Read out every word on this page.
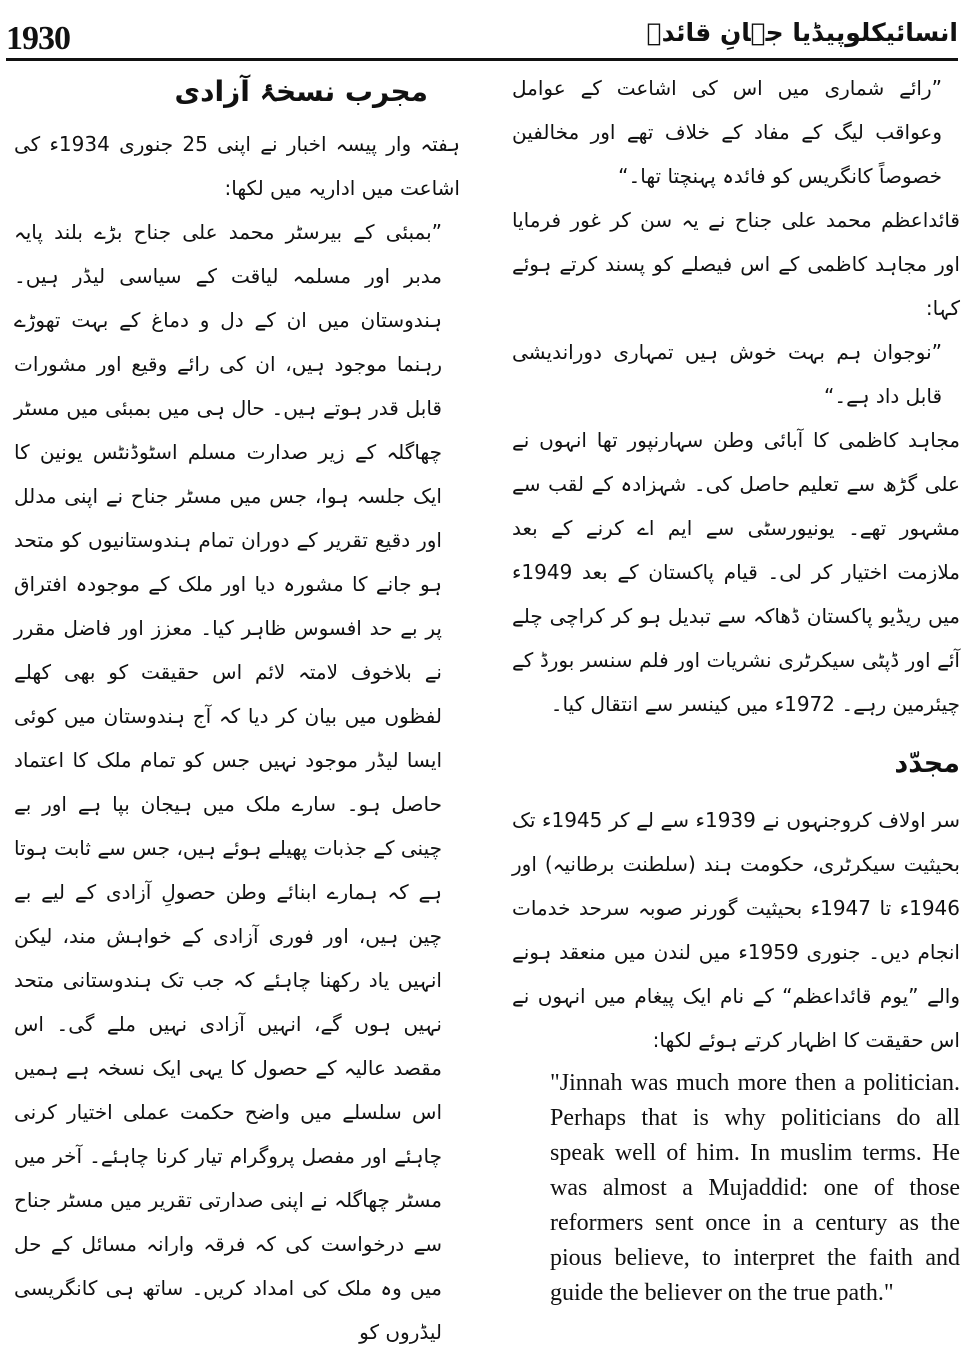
1930	انسائیکلوپیڈیا جہانِ قائدؒ
مجرب نسخۂ آزادی

ہفتہ وار پیسہ اخبار نے اپنی 25 جنوری 1934ء کی اشاعت میں اداریہ میں لکھا:

”بمبئی کے بیرسٹر محمد علی جناح بڑے بلند پایہ مدبر اور مسلمہ لیاقت کے سیاسی لیڈر ہیں۔ ہندوستان میں ان کے دل و دماغ کے بہت تھوڑے رہنما موجود ہیں، ان کی رائے وقیع اور مشورات قابل قدر ہوتے ہیں۔ حال ہی میں بمبئی میں مسٹر چھاگلہ کے زیر صدارت مسلم اسٹوڈنٹس یونین کا ایک جلسہ ہوا، جس میں مسٹر جناح نے اپنی مدلل اور دقیع تقریر کے دوران تمام ہندوستانیوں کو متحد ہو جانے کا مشورہ دیا اور ملک کے موجودہ افتراق پر بے حد افسوس ظاہر کیا۔ معزز اور فاضل مقرر نے بلاخوف لامتہ لائم اس حقیقت کو بھی کھلے لفظوں میں بیان کر دیا کہ آج ہندوستان میں کوئی ایسا لیڈر موجود نہیں جس کو تمام ملک کا اعتماد حاصل ہو۔ سارے ملک میں ہیجان بپا ہے اور بے چینی کے جذبات پھیلے ہوئے ہیں، جس سے ثابت ہوتا ہے کہ ہمارے ابنائے وطن حصولِ آزادی کے لیے بے چین ہیں، اور فوری آزادی کے خواہش مند، لیکن انہیں یاد رکھنا چاہئے کہ جب تک ہندوستانی متحد نہیں ہوں گے، انہیں آزادی نہیں ملے گی۔ اس مقصد عالیہ کے حصول کا یہی ایک نسخہ ہے ہمیں اس سلسلے میں واضح حکمت عملی اختیار کرنی چاہئے اور مفصل پروگرام تیار کرنا چاہئے۔ آخر میں مسٹر چھاگلہ نے اپنی صدارتی تقریر میں مسٹر جناح سے درخواست کی کہ فرقہ وارانہ مسائل کے حل میں وہ ملک کی امداد کریں۔ ساتھ ہی کانگریسی لیڈروں کو

”رائے شماری میں اس کی اشاعت کے عوامل وعواقب لیگ کے مفاد کے خلاف تھے اور مخالفین خصوصاً کانگریس کو فائدہ پہنچتا تھا۔“

قائداعظم محمد علی جناح نے یہ سن کر غور فرمایا اور مجاہد کاظمی کے اس فیصلے کو پسند کرتے ہوئے کہا:

”نوجوان ہم بہت خوش ہیں تمہاری دوراندیشی قابل داد ہے۔“

مجاہد کاظمی کا آبائی وطن سہارنپور تھا انہوں نے علی گڑھ سے تعلیم حاصل کی۔ شہزادہ کے لقب سے مشہور تھے۔ یونیورسٹی سے ایم اے کرنے کے بعد ملازمت اختیار کر لی۔ قیام پاکستان کے بعد 1949ء میں ریڈیو پاکستان ڈھاکہ سے تبدیل ہو کر کراچی چلے آئے اور ڈپٹی سیکرٹری نشریات اور فلم سنسر بورڈ کے چیئرمین رہے۔ 1972ء میں کینسر سے انتقال کیا۔

مجدّد

سر اولاف کروجنہوں نے 1939ء سے لے کر 1945ء تک بحیثیت سیکرٹری، حکومت ہند (سلطنت برطانیہ) اور 1946ء تا 1947ء بحیثیت گورنر صوبہ سرحد خدمات انجام دیں۔ جنوری 1959ء میں لندن میں منعقد ہونے والے ”یوم قائداعظم“ کے نام ایک پیغام میں انہوں نے اس حقیقت کا اظہار کرتے ہوئے لکھا:

"Jinnah was much more then a politician. Perhaps that is why politicians do all speak well of him. In muslim terms. He was almost a Mujaddid: one of those reformers sent once in a century as the pious believe, to interpret the faith and guide the believer on the true path."
